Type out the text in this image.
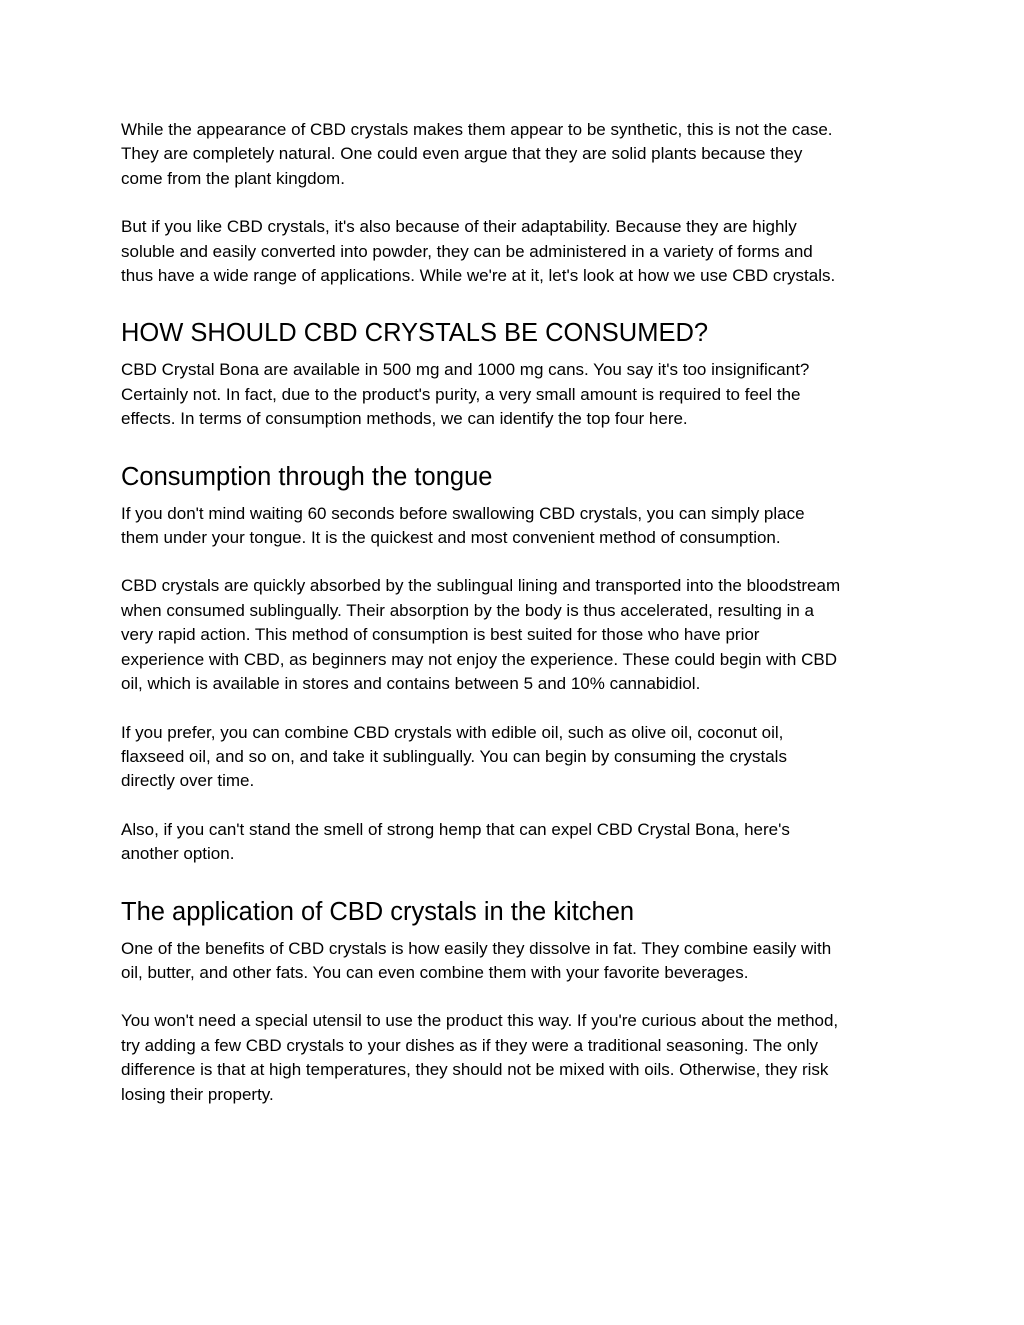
While the appearance of CBD crystals makes them appear to be synthetic, this is not the case.
They are completely natural. One could even argue that they are solid plants because they
come from the plant kingdom.

But if you like CBD crystals, it's also because of their adaptability. Because they are highly
soluble and easily converted into powder, they can be administered in a variety of forms and
thus have a wide range of applications. While we're at it, let's look at how we use CBD crystals.

HOW SHOULD CBD CRYSTALS BE CONSUMED?

CBD Crystal Bona are available in 500 mg and 1000 mg cans. You say it's too insignificant?
Certainly not. In fact, due to the product's purity, a very small amount is required to feel the
effects. In terms of consumption methods, we can identify the top four here.

Consumption through the tongue

If you don't mind waiting 60 seconds before swallowing CBD crystals, you can simply place
them under your tongue. It is the quickest and most convenient method of consumption.

CBD crystals are quickly absorbed by the sublingual lining and transported into the bloodstream
when consumed sublingually. Their absorption by the body is thus accelerated, resulting in a
very rapid action. This method of consumption is best suited for those who have prior
experience with CBD, as beginners may not enjoy the experience. These could begin with CBD
oil, which is available in stores and contains between 5 and 10% cannabidiol.

If you prefer, you can combine CBD crystals with edible oil, such as olive oil, coconut oil,
flaxseed oil, and so on, and take it sublingually. You can begin by consuming the crystals
directly over time.

Also, if you can't stand the smell of strong hemp that can expel CBD Crystal Bona, here's
another option.

The application of CBD crystals in the kitchen

One of the benefits of CBD crystals is how easily they dissolve in fat. They combine easily with
oil, butter, and other fats. You can even combine them with your favorite beverages.

You won't need a special utensil to use the product this way. If you're curious about the method,
try adding a few CBD crystals to your dishes as if they were a traditional seasoning. The only
difference is that at high temperatures, they should not be mixed with oils. Otherwise, they risk
losing their property.
